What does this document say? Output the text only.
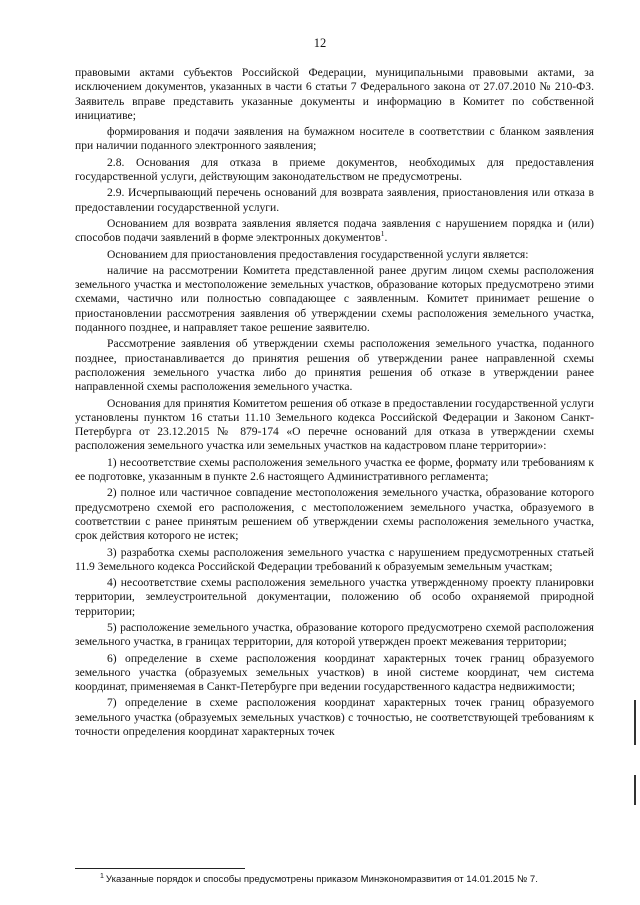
12

правовыми актами субъектов Российской Федерации, муниципальными правовыми актами, за исключением документов, указанных в части 6 статьи 7 Федерального закона от 27.07.2010 № 210-ФЗ. Заявитель вправе представить указанные документы и информацию в Комитет по собственной инициативе;

формирования и подачи заявления на бумажном носителе в соответствии с бланком заявления при наличии поданного электронного заявления;

2.8. Основания для отказа в приеме документов, необходимых для предоставления государственной услуги, действующим законодательством не предусмотрены.

2.9. Исчерпывающий перечень оснований для возврата заявления, приостановления или отказа в предоставлении государственной услуги.

Основанием для возврата заявления является подача заявления с нарушением порядка и (или) способов подачи заявлений в форме электронных документов$^1$.

Основанием для приостановления предоставления государственной услуги является:

наличие на рассмотрении Комитета представленной ранее другим лицом схемы расположения земельного участка и местоположение земельных участков, образование которых предусмотрено этими схемами, частично или полностью совпадающее с заявленным. Комитет принимает решение о приостановлении рассмотрения заявления об утверждении схемы расположения земельного участка, поданного позднее, и направляет такое решение заявителю.

Рассмотрение заявления об утверждении схемы расположения земельного участка, поданного позднее, приостанавливается до принятия решения об утверждении ранее направленной схемы расположения земельного участка либо до принятия решения об отказе в утверждении ранее направленной схемы расположения земельного участка.

Основания для принятия Комитетом решения об отказе в предоставлении государственной услуги установлены пунктом 16 статьи 11.10 Земельного кодекса Российской Федерации и Законом Санкт-Петербурга от 23.12.2015 № 879-174 «О перечне оснований для отказа в утверждении схемы расположения земельного участка или земельных участков на кадастровом плане территории»:

1) несоответствие схемы расположения земельного участка ее форме, формату или требованиям к ее подготовке, указанным в пункте 2.6 настоящего Административного регламента;

2) полное или частичное совпадение местоположения земельного участка, образование которого предусмотрено схемой его расположения, с местоположением земельного участка, образуемого в соответствии с ранее принятым решением об утверждении схемы расположения земельного участка, срок действия которого не истек;

3) разработка схемы расположения земельного участка с нарушением предусмотренных статьей 11.9 Земельного кодекса Российской Федерации требований к образуемым земельным участкам;

4) несоответствие схемы расположения земельного участка утвержденному проекту планировки территории, землеустроительной документации, положению об особо охраняемой природной территории;

5) расположение земельного участка, образование которого предусмотрено схемой расположения земельного участка, в границах территории, для которой утвержден проект межевания территории;

6) определение в схеме расположения координат характерных точек границ образуемого земельного участка (образуемых земельных участков) в иной системе координат, чем система координат, применяемая в Санкт-Петербурге при ведении государственного кадастра недвижимости;

7) определение в схеме расположения координат характерных точек границ образуемого земельного участка (образуемых земельных участков) с точностью, не соответствующей требованиям к точности определения координат характерных точек

$^1$ Указанные порядок и способы предусмотрены приказом Минэкономразвития от 14.01.2015 № 7.
